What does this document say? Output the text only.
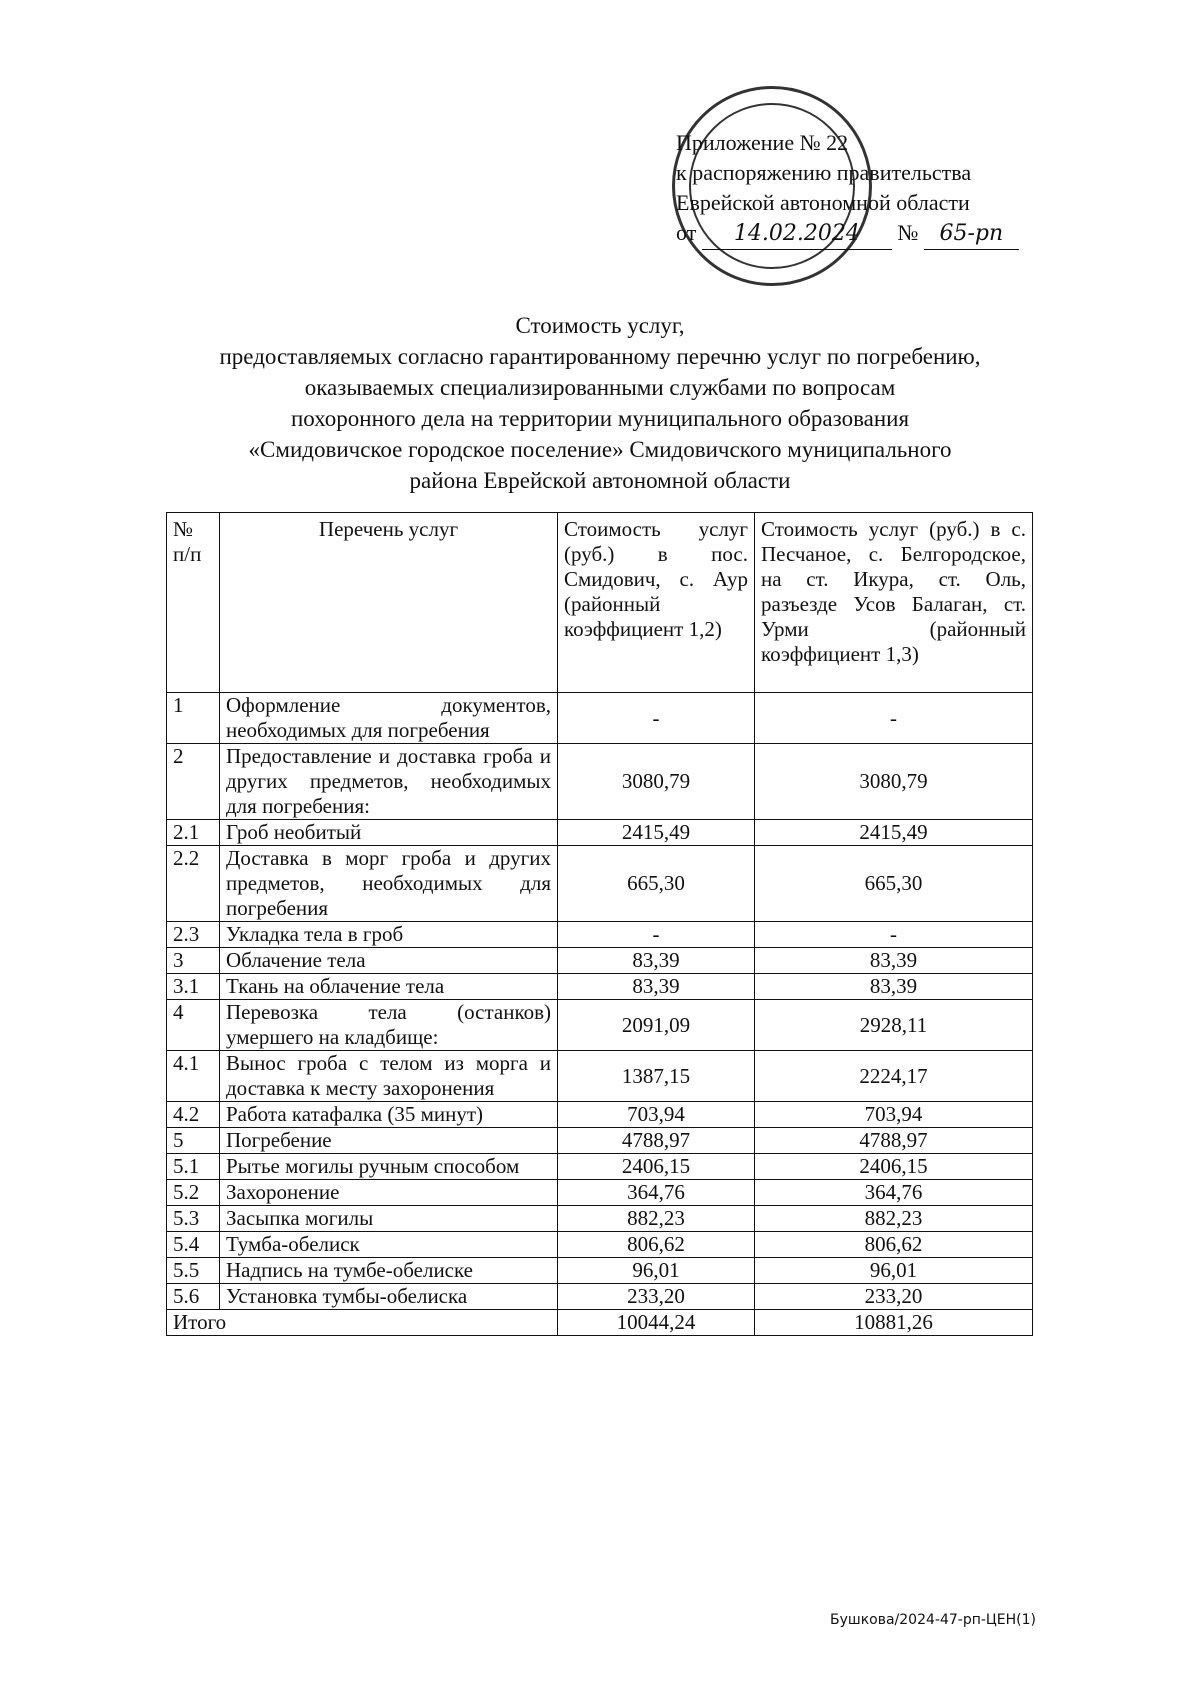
Приложение № 22
к распоряжению правительства
Еврейской автономной области
от 14.02.2024 № 65-рп
Стоимость услуг,
предоставляемых согласно гарантированному перечню услуг по погребению,
оказываемых специализированными службами по вопросам
похоронного дела на территории муниципального образования
«Смидовичское городское поселение» Смидовичского муниципального
района Еврейской автономной области
№ п/п	Перечень услуг	Стоимость услуг (руб.) в пос. Смидович, с. Аур (районный коэффициент 1,2)	Стоимость услуг (руб.) в с. Песчаное, с. Белгородское, на ст. Икура, ст. Оль, разъезде Усов Балаган, ст. Урми (районный коэффициент 1,3)
1	Оформление документов, необходимых для погребения	-	-
2	Предоставление и доставка гроба и других предметов, необходимых для погребения:	3080,79	3080,79
2.1	Гроб необитый	2415,49	2415,49
2.2	Доставка в морг гроба и других предметов, необходимых для погребения	665,30	665,30
2.3	Укладка тела в гроб	-	-
3	Облачение тела	83,39	83,39
3.1	Ткань на облачение тела	83,39	83,39
4	Перевозка тела (останков) умершего на кладбище:	2091,09	2928,11
4.1	Вынос гроба с телом из морга и доставка к месту захоронения	1387,15	2224,17
4.2	Работа катафалка (35 минут)	703,94	703,94
5	Погребение	4788,97	4788,97
5.1	Рытье могилы ручным способом	2406,15	2406,15
5.2	Захоронение	364,76	364,76
5.3	Засыпка могилы	882,23	882,23
5.4	Тумба-обелиск	806,62	806,62
5.5	Надпись на тумбе-обелиске	96,01	96,01
5.6	Установка тумбы-обелиска	233,20	233,20
Итого		10044,24	10881,26
Бушкова/2024-47-рп-ЦЕН(1)
